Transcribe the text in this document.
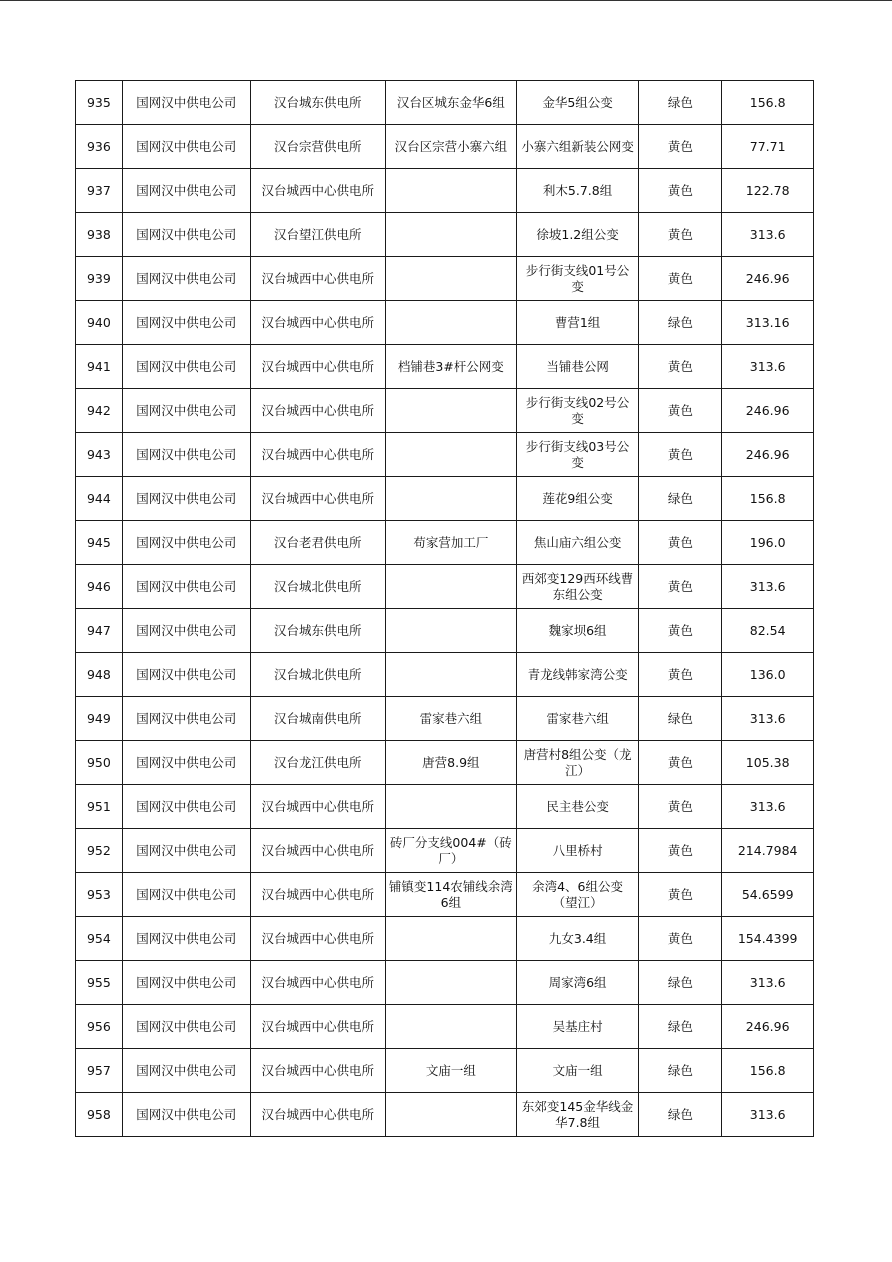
935	国网汉中供电公司	汉台城东供电所	汉台区城东金华6组	金华5组公变	绿色	156.8
936	国网汉中供电公司	汉台宗营供电所	汉台区宗营小寨六组	小寨六组新装公网变	黄色	77.71
937	国网汉中供电公司	汉台城西中心供电所		利木5.7.8组	黄色	122.78
938	国网汉中供电公司	汉台望江供电所		徐坡1.2组公变	黄色	313.6
939	国网汉中供电公司	汉台城西中心供电所		步行街支线01号公变	黄色	246.96
940	国网汉中供电公司	汉台城西中心供电所		曹营1组	绿色	313.16
941	国网汉中供电公司	汉台城西中心供电所	档铺巷3#杆公网变	当铺巷公网	黄色	313.6
942	国网汉中供电公司	汉台城西中心供电所		步行街支线02号公变	黄色	246.96
943	国网汉中供电公司	汉台城西中心供电所		步行街支线03号公变	黄色	246.96
944	国网汉中供电公司	汉台城西中心供电所		莲花9组公变	绿色	156.8
945	国网汉中供电公司	汉台老君供电所	苟家营加工厂	焦山庙六组公变	黄色	196.0
946	国网汉中供电公司	汉台城北供电所		西郊变129西环线曹东组公变	黄色	313.6
947	国网汉中供电公司	汉台城东供电所		魏家坝6组	黄色	82.54
948	国网汉中供电公司	汉台城北供电所		青龙线韩家湾公变	黄色	136.0
949	国网汉中供电公司	汉台城南供电所	雷家巷六组	雷家巷六组	绿色	313.6
950	国网汉中供电公司	汉台龙江供电所	唐营8.9组	唐营村8组公变（龙江）	黄色	105.38
951	国网汉中供电公司	汉台城西中心供电所		民主巷公变	黄色	313.6
952	国网汉中供电公司	汉台城西中心供电所	砖厂分支线004#（砖厂）	八里桥村	黄色	214.7984
953	国网汉中供电公司	汉台城西中心供电所	铺镇变114农铺线余湾6组	余湾4、6组公变（望江）	黄色	54.6599
954	国网汉中供电公司	汉台城西中心供电所		九女3.4组	黄色	154.4399
955	国网汉中供电公司	汉台城西中心供电所		周家湾6组	绿色	313.6
956	国网汉中供电公司	汉台城西中心供电所		吴基庄村	绿色	246.96
957	国网汉中供电公司	汉台城西中心供电所	文庙一组	文庙一组	绿色	156.8
958	国网汉中供电公司	汉台城西中心供电所		东郊变145金华线金华7.8组	绿色	313.6
